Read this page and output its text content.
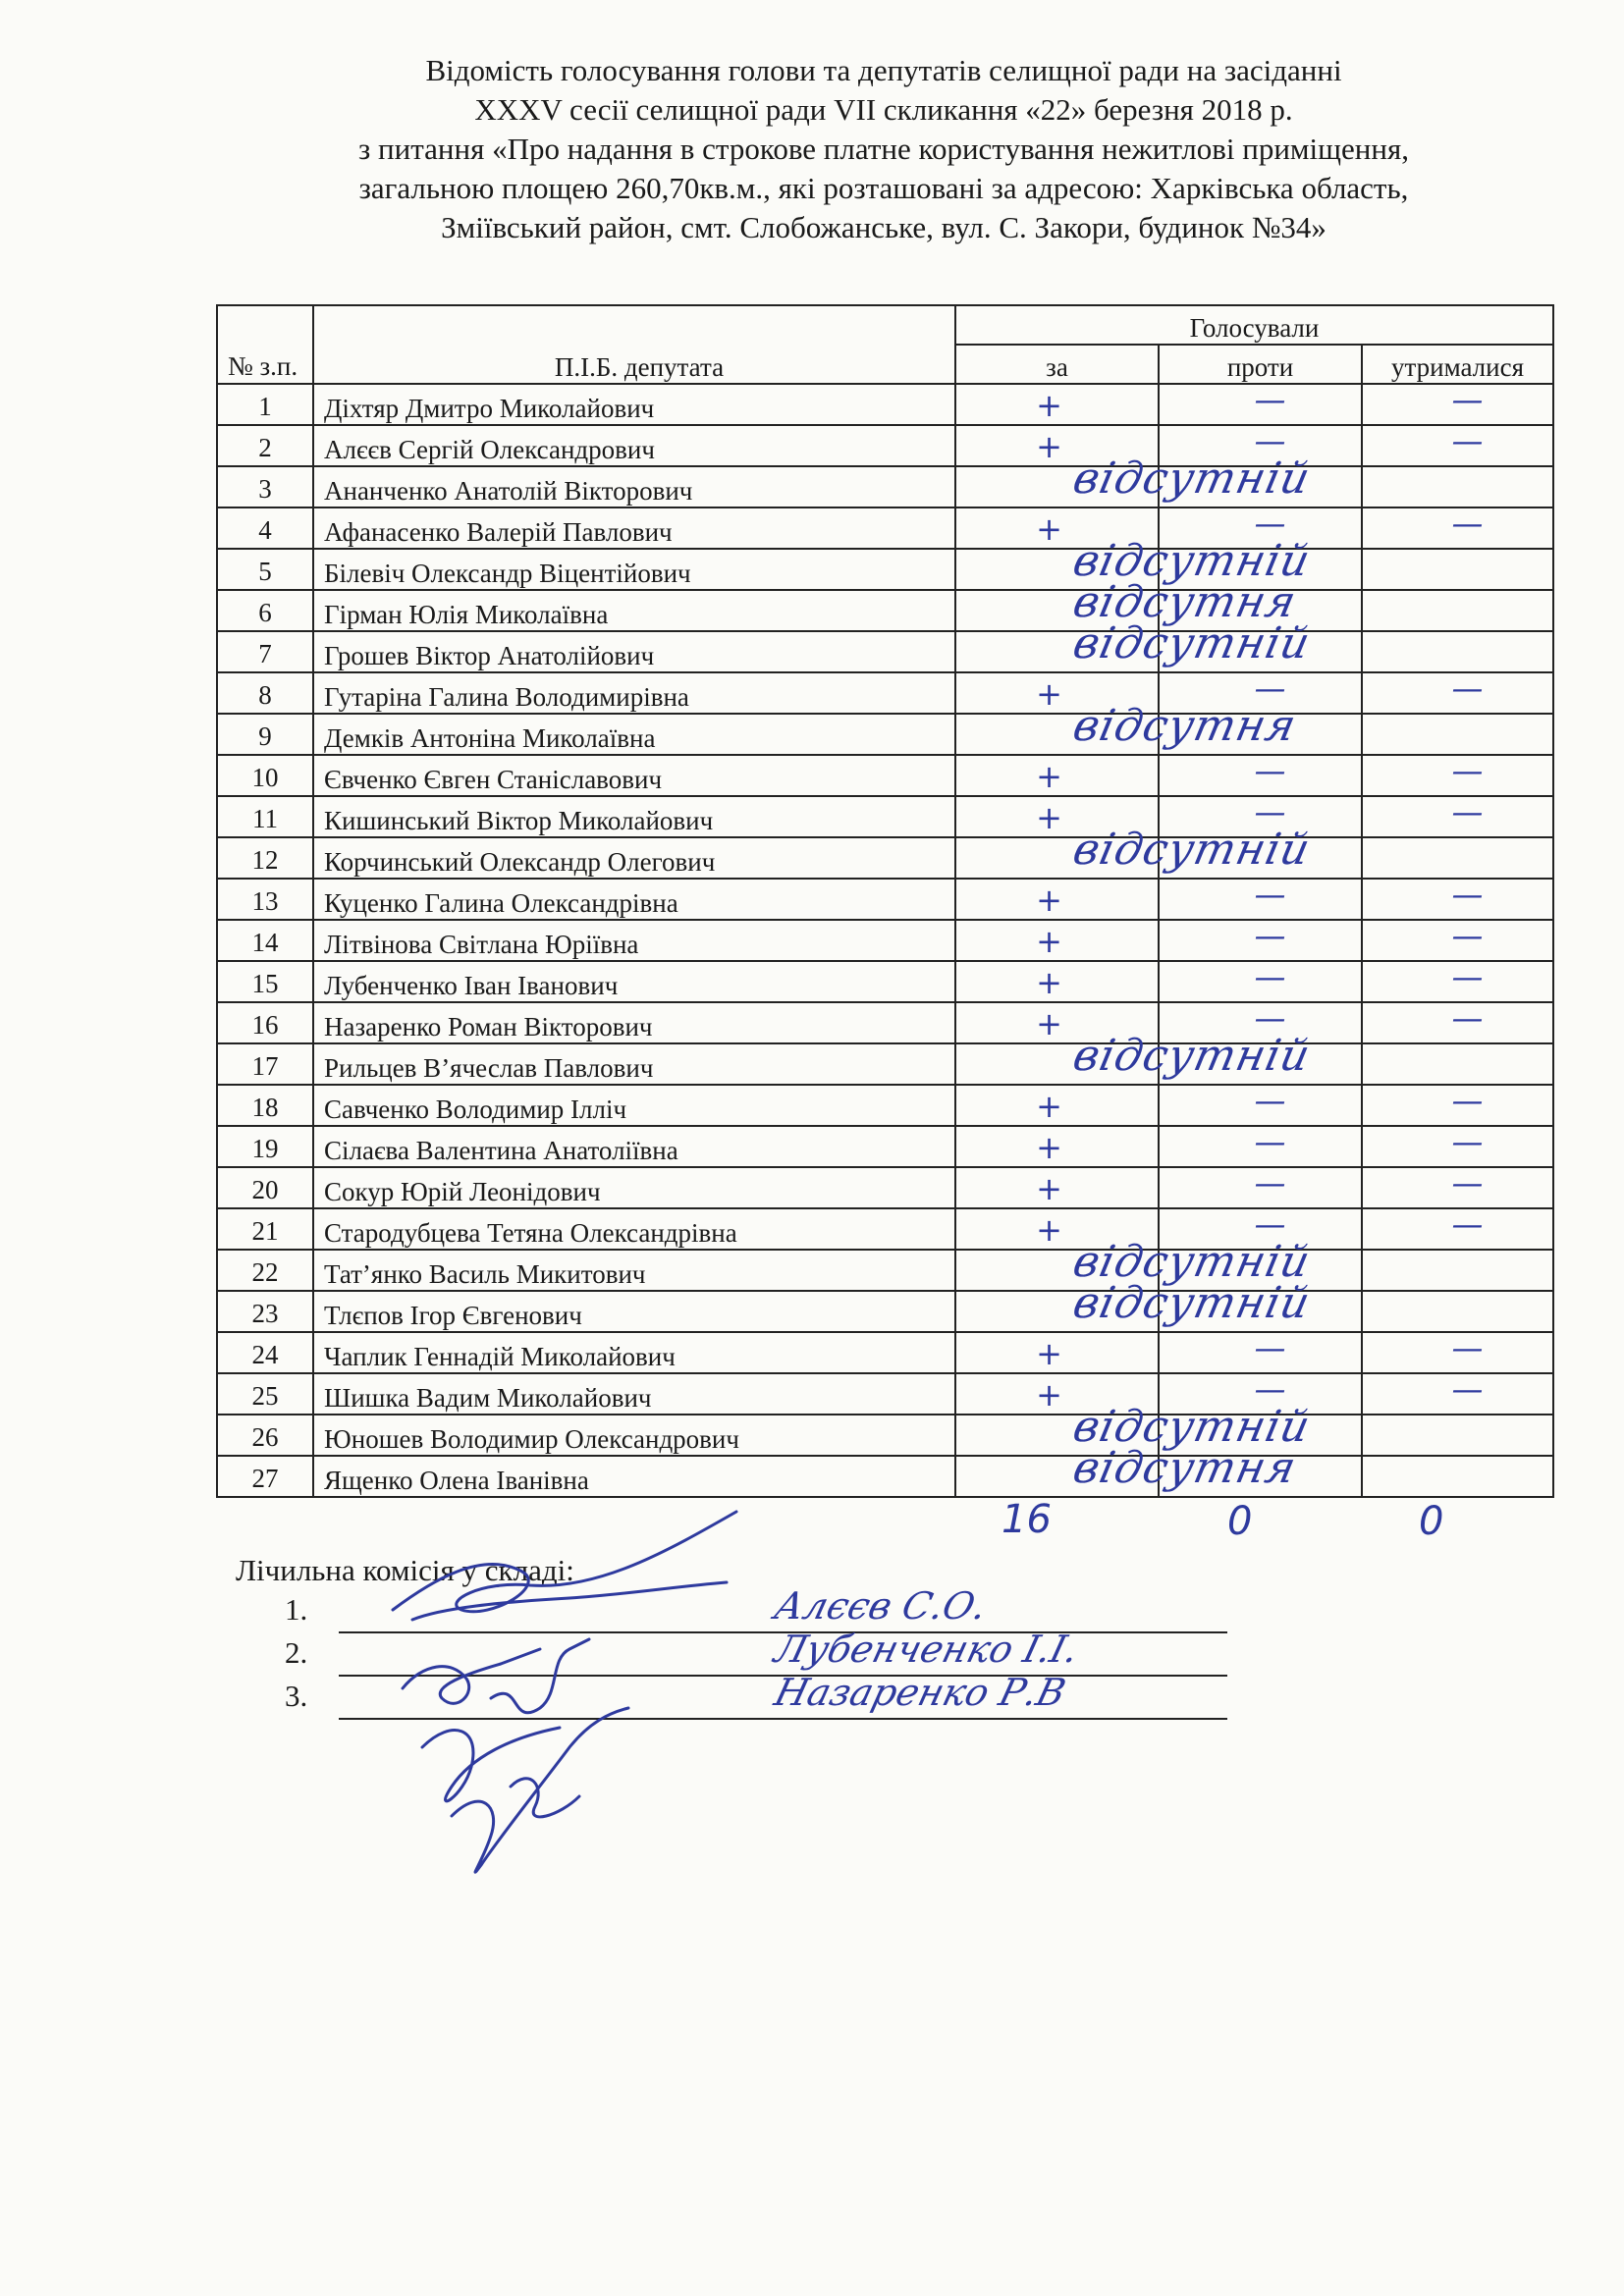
Відомість голосування голови та депутатів селищної ради на засіданні
XXXV сесії селищної ради VII скликання «22» березня 2018 р.
з питання «Про надання в строкове платне користування нежитлові приміщення,
загальною площею 260,70кв.м., які розташовані за адресою: Харківська область,
Зміївський район, смт. Слобожанське, вул. С. Закори, будинок №34»
№ з.п.	П.І.Б. депутата	Голосували		
		за	проти	утрималися
1	Діхтяр Дмитро Миколайович	+	—	—
2	Алєєв Сергій Олександрович	+	—	—
3	Ананченко Анатолій Вікторович	відсутній		

4	Афанасенко Валерій Павлович	+	—	—
5	Білевіч Олександр Віцентійович	відсутній		

6	Гірман Юлія Миколаївна	відсутня		

7	Грошев Віктор Анатолійович	відсутній		

8	Гутаріна Галина Володимирівна	+	—	—
9	Демків Антоніна Миколаївна	відсутня		

10	Євченко Євген Станіславович	+	—	—
11	Кишинський Віктор Миколайович	+	—	—
12	Корчинський Олександр Олегович	відсутній		

13	Куценко Галина Олександрівна	+	—	—
14	Літвінова Світлана Юріївна	+	—	—
15	Лубенченко Іван Іванович	+	—	—
16	Назаренко Роман Вікторович	+	—	—
17	Рильцев В’ячеслав Павлович	відсутній		

18	Савченко Володимир Ілліч	+	—	—
19	Сілаєва Валентина Анатоліївна	+	—	—
20	Сокур Юрій Леонідович	+	—	—
21	Стародубцева Тетяна Олександрівна	+	—	—
22	Тат’янко Василь Микитович	відсутній		

23	Тлєпов Ігор Євгенович	відсутній		

24	Чаплик Геннадій Миколайович	+	—	—
25	Шишка Вадим Миколайович	+	—	—
26	Юношев Володимир Олександрович	відсутній		

27	Ященко Олена Іванівна	відсутня		

16	0	0
Лічильна комісія у складі:
1.	Алєєв С.О.
2.	Лубенченко І.І.
3.	Назаренко Р.В
